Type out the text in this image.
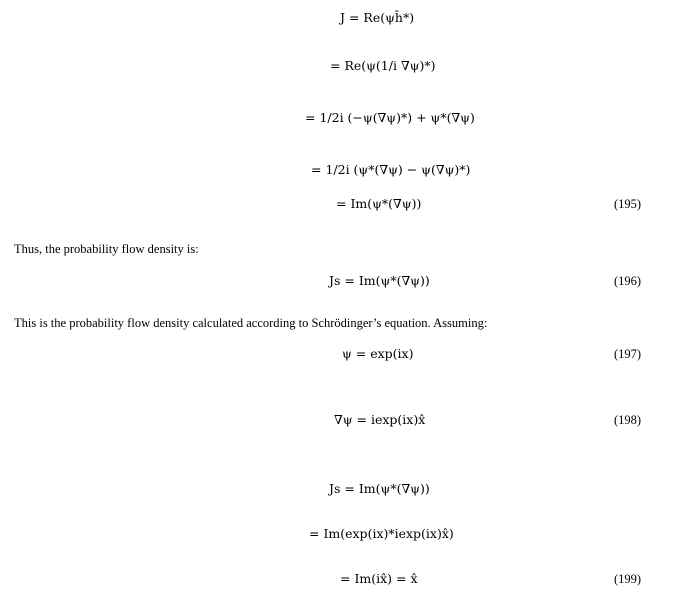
J = Re(ψh̄*)
= Re(ψ(1/i ∇ψ)*)
= 1/2i (−ψ(∇ψ)*) + ψ*(∇ψ)
= 1/2i (ψ*(∇ψ) − ψ(∇ψ)*)
= Im(ψ*(∇ψ))	(195)
Thus, the probability flow density is:
Js = Im(ψ*(∇ψ))	(196)
This is the probability flow density calculated according to Schrödinger’s equation. Assuming:
ψ = exp(ix)	(197)
∇ψ = iexp(ix)x̂	(198)
Js = Im(ψ*(∇ψ))
= Im(exp(ix)*iexp(ix)x̂)
= Im(ix̂) = x̂	(199)
